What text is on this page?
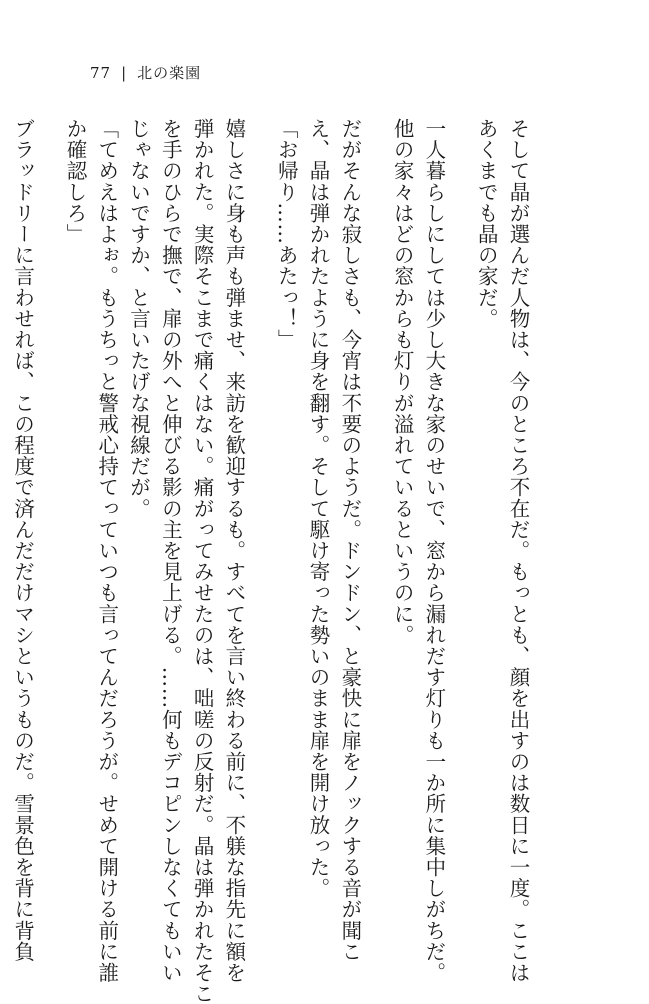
77 | 北の楽園

そして晶が選んだ人物は、今のところ不在だ。もっとも、顔を出すのは数日に一度。ここは

あくまでも晶の家だ。

一人暮らしにしては少し大きな家のせいで、窓から漏れだす灯りも一か所に集中しがちだ。

他の家々はどの窓からも灯りが溢れているというのに。

だがそんな寂しさも、今宵は不要のようだ。ドンドン、と豪快に扉をノックする音が聞こ

え、晶は弾かれたように身を翻す。そして駆け寄った勢いのまま扉を開け放った。

「お帰り……あたっ！」

嬉しさに身も声も弾ませ、来訪を歓迎するも。すべてを言い終わる前に、不躾な指先に額を

弾かれた。実際そこまで痛くはない。痛がってみせたのは、咄嗟の反射だ。晶は弾かれたそこ

を手のひらで撫で、扉の外へと伸びる影の主を見上げる。……何もデコピンしなくてもいい

じゃないですか、と言いたげな視線だが。

「てめえはよぉ。もうちっと警戒心持てっていつも言ってんだろうが。せめて開ける前に誰

か確認しろ」

ブラッドリーに言わせれば、この程度で済んだだけマシというものだ。雪景色を背に背負
